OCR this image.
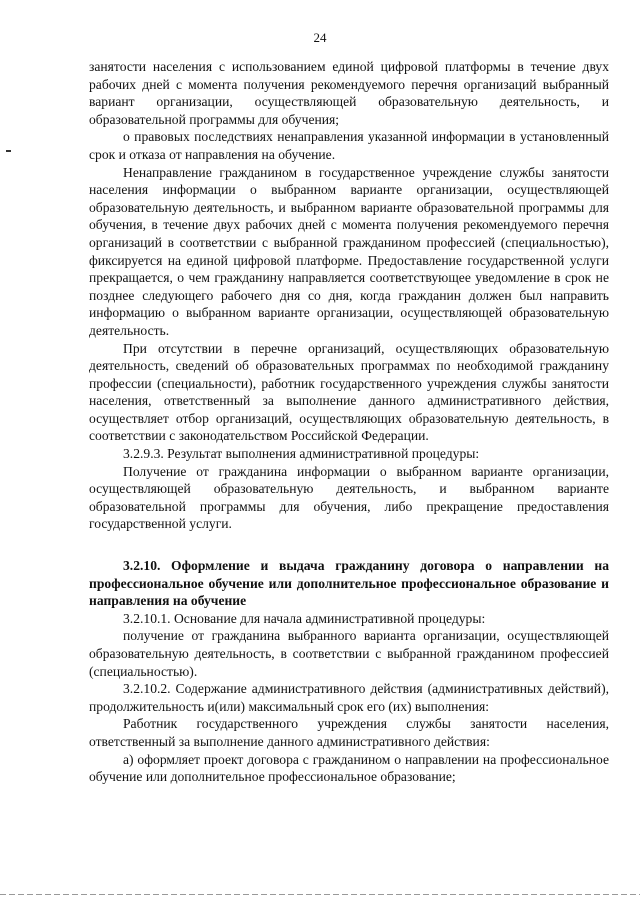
24

занятости населения с использованием единой цифровой платформы в течение двух рабочих дней с момента получения рекомендуемого перечня организаций выбранный вариант организации, осуществляющей образовательную деятельность, и образовательной программы для обучения;

о правовых последствиях ненаправления указанной информации в установленный срок и отказа от направления на обучение.

Ненаправление гражданином в государственное учреждение службы занятости населения информации о выбранном варианте организации, осуществляющей образовательную деятельность, и выбранном варианте образовательной программы для обучения, в течение двух рабочих дней с момента получения рекомендуемого перечня организаций в соответствии с выбранной гражданином профессией (специальностью), фиксируется на единой цифровой платформе. Предоставление государственной услуги прекращается, о чем гражданину направляется соответствующее уведомление в срок не позднее следующего рабочего дня со дня, когда гражданин должен был направить информацию о выбранном варианте организации, осуществляющей образовательную деятельность.

При отсутствии в перечне организаций, осуществляющих образовательную деятельность, сведений об образовательных программах по необходимой гражданину профессии (специальности), работник государственного учреждения службы занятости населения, ответственный за выполнение данного административного действия, осуществляет отбор организаций, осуществляющих образовательную деятельность, в соответствии с законодательством Российской Федерации.

3.2.9.3. Результат выполнения административной процедуры:

Получение от гражданина информации о выбранном варианте организации, осуществляющей образовательную деятельность, и выбранном варианте образовательной программы для обучения, либо прекращение предоставления государственной услуги.

3.2.10. Оформление и выдача гражданину договора о направлении на профессиональное обучение или дополнительное профессиональное образование и направления на обучение

3.2.10.1. Основание для начала административной процедуры:

получение от гражданина выбранного варианта организации, осуществляющей образовательную деятельность, в соответствии с выбранной гражданином профессией (специальностью).

3.2.10.2. Содержание административного действия (административных действий), продолжительность и(или) максимальный срок его (их) выполнения:

Работник государственного учреждения службы занятости населения, ответственный за выполнение данного административного действия:

а) оформляет проект договора с гражданином о направлении на профессиональное обучение или дополнительное профессиональное образование;
